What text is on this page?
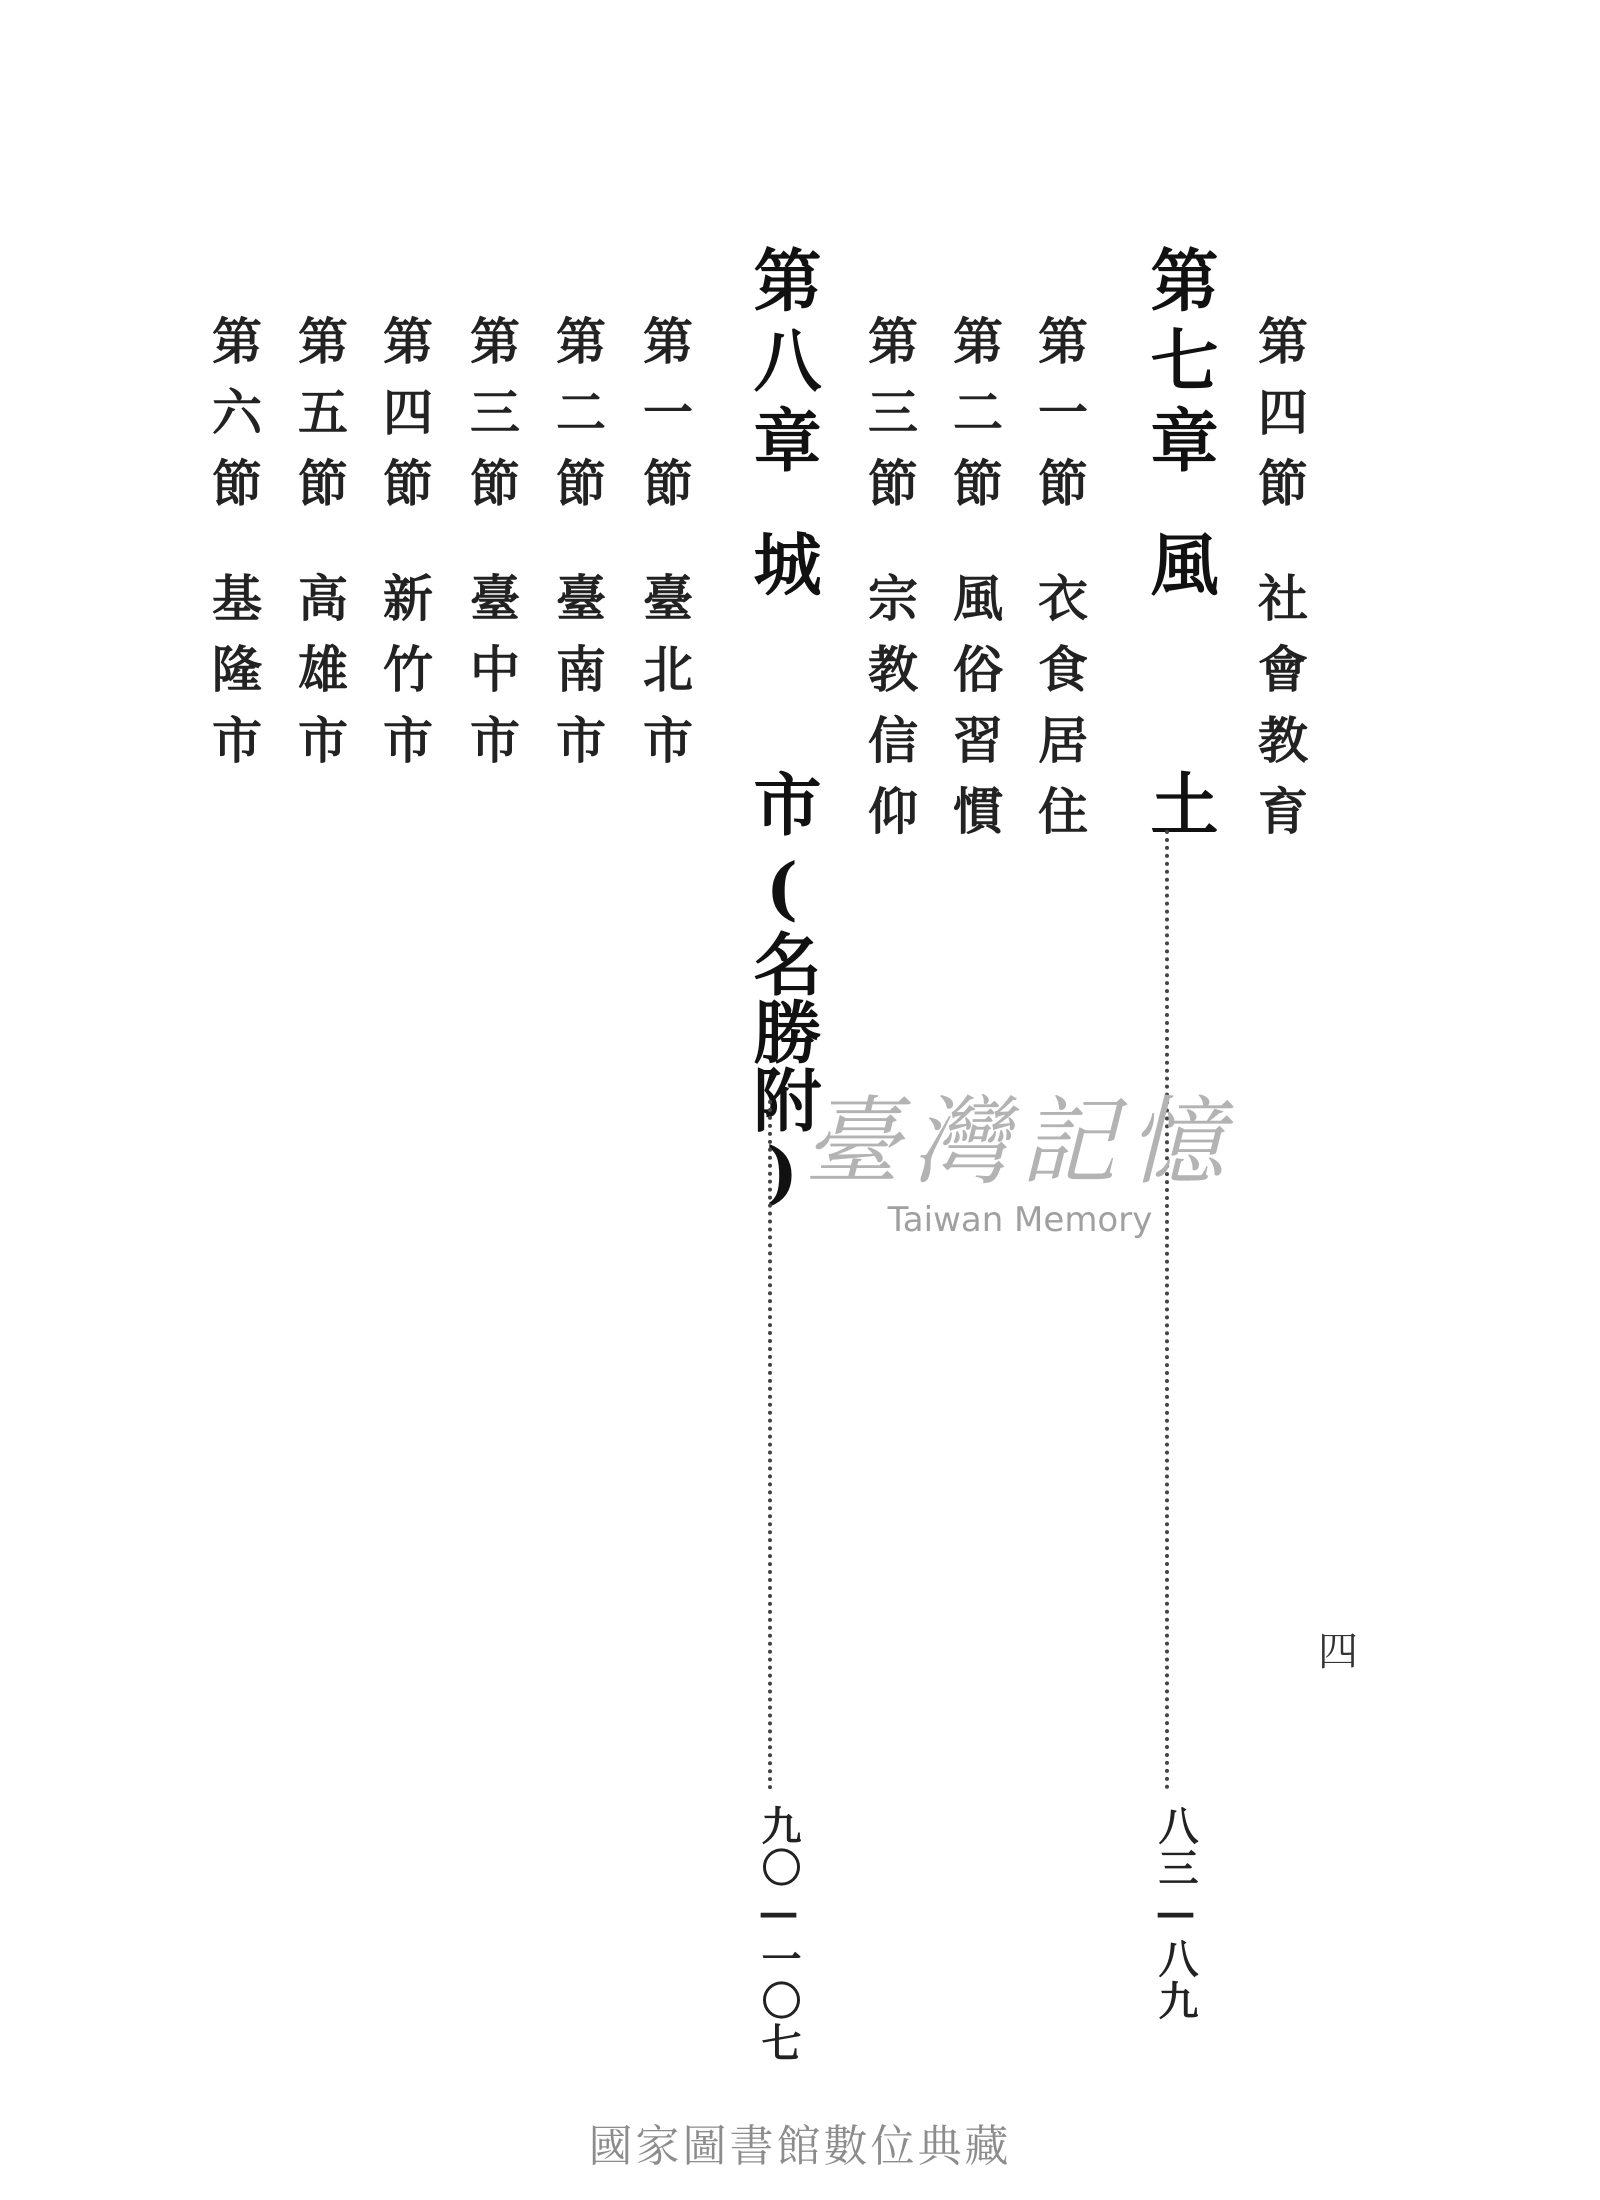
第四節社會教育
第七章風　　土
八三—八九
第一節衣食居住
第二節風俗習慣
第三節宗教信仰
第八章城　　市(名勝附)
九〇—一〇七
第一節臺北市
第二節臺南市
第三節臺中市
第四節新竹市
第五節高雄市
第六節基隆市
四
臺灣記憶
Taiwan Memory
國家圖書館數位典藏
